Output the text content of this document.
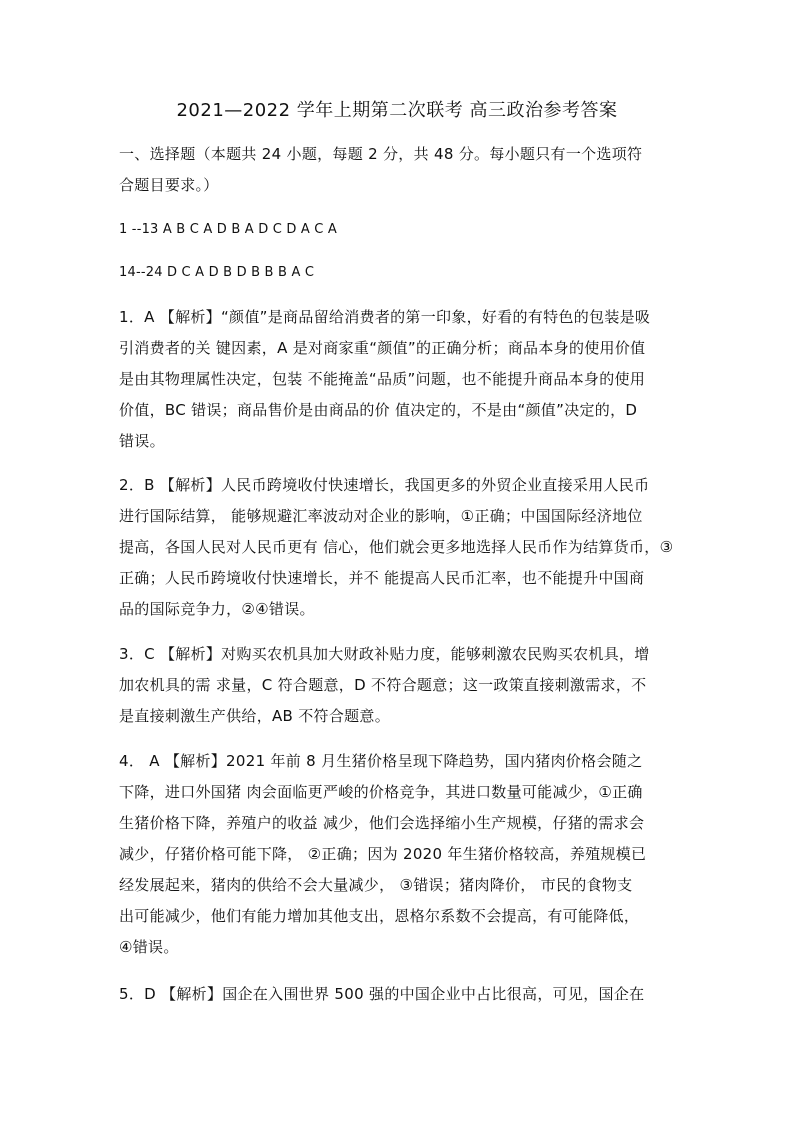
2021—2022 学年上期第二次联考 高三政治参考答案
一、选择题（本题共 24 小题，每题 2 分，共 48 分。每小题只有一个选项符
合题目要求。）
1 --13 A B C A D B A D C D A C A
14--24 D C A D B D B B B A C
1．A 【解析】“颜值”是商品留给消费者的第一印象，好看的有特色的包装是吸
引消费者的关 键因素，A 是对商家重“颜值”的正确分析；商品本身的使用价值
是由其物理属性决定，包装 不能掩盖“品质”问题，也不能提升商品本身的使用
价值，BC 错误；商品售价是由商品的价 值决定的，不是由“颜值”决定的，D
错误。
2．B 【解析】人民币跨境收付快速增长，我国更多的外贸企业直接采用人民币
进行国际结算， 能够规避汇率波动对企业的影响，①正确；中国国际经济地位
提高，各国人民对人民币更有 信心，他们就会更多地选择人民币作为结算货币，③
正确；人民币跨境收付快速增长，并不 能提高人民币汇率，也不能提升中国商
品的国际竞争力，②④错误。
3．C 【解析】对购买农机具加大财政补贴力度，能够刺激农民购买农机具，增
加农机具的需 求量，C 符合题意，D 不符合题意；这一政策直接刺激需求，不
是直接刺激生产供给，AB 不符合题意。
4． A 【解析】2021 年前 8 月生猪价格呈现下降趋势，国内猪肉价格会随之
下降，进口外国猪 肉会面临更严峻的价格竞争，其进口数量可能减少，①正确
生猪价格下降，养殖户的收益 减少，他们会选择缩小生产规模，仔猪的需求会
减少，仔猪价格可能下降， ②正确；因为 2020 年生猪价格较高，养殖规模已
经发展起来，猪肉的供给不会大量减少， ③错误；猪肉降价， 市民的食物支
出可能减少，他们有能力增加其他支出，恩格尔系数不会提高，有可能降低，
④错误。
5．D 【解析】国企在入围世界 500 强的中国企业中占比很高，可见，国企在
